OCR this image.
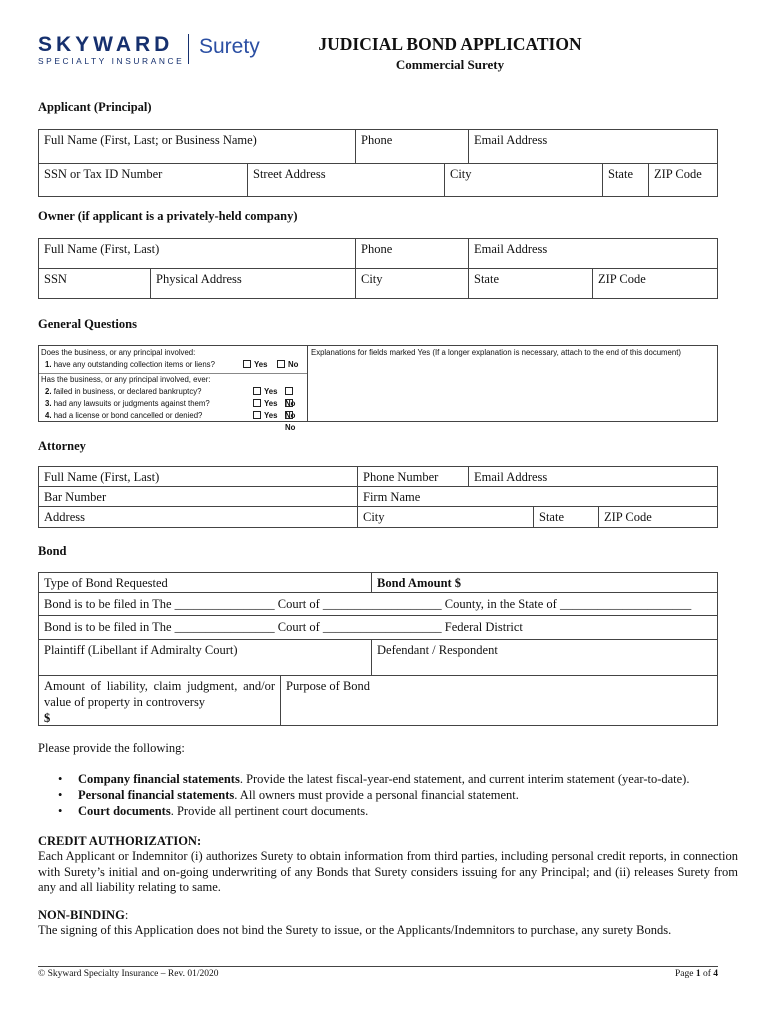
SKYWARD
SPECIALTY INSURANCE
Surety	JUDICIAL BOND APPLICATION
Commercial Surety
Applicant (Principal)
Full Name (First, Last; or Business Name)	Phone	Email Address
SSN or Tax ID Number	Street Address	City	State	ZIP Code
Owner (if applicant is a privately-held company)
Full Name (First, Last)	Phone	Email Address
SSN	Physical Address	City	State	ZIP Code
General Questions
Does the business, or any principal involved:
1. have any outstanding collection items or liens?	Yes	No
Has the business, or any principal involved, ever:
2. failed in business, or declared bankruptcy?	Yes
No
3. had any lawsuits or judgments against them?	Yes
No
4. had a license or bond cancelled or denied?	Yes
No
Explanations for fields marked Yes (If a longer explanation is necessary, attach to the end of this document)
Attorney
Full Name (First, Last)	Phone Number	Email Address
Bar Number	Firm Name
Address	City	State	ZIP Code
Bond
Type of Bond Requested	Bond Amount $
Bond is to be filed in The ________________ Court of ___________________ County, in the State of _____________________
Bond is to be filed in The ________________ Court of ___________________ Federal District
Plaintiff (Libellant if Admiralty Court)	Defendant / Respondent
Amount of liability, claim judgment, and/or value of property in controversy
$
Purpose of Bond
Please provide the following:
• Company financial statements. Provide the latest fiscal-year-end statement, and current interim statement (year-to-date).
• Personal financial statements. All owners must provide a personal financial statement.
• Court documents. Provide all pertinent court documents.
CREDIT AUTHORIZATION:
Each Applicant or Indemnitor (i) authorizes Surety to obtain information from third parties, including personal credit reports, in connection with Surety’s initial and on-going underwriting of any Bonds that Surety considers issuing for any Principal; and (ii) releases Surety from any and all liability relating to same.
NON-BINDING:
The signing of this Application does not bind the Surety to issue, or the Applicants/Indemnitors to purchase, any surety Bonds.
© Skyward Specialty Insurance – Rev. 01/2020	Page 1 of 4
